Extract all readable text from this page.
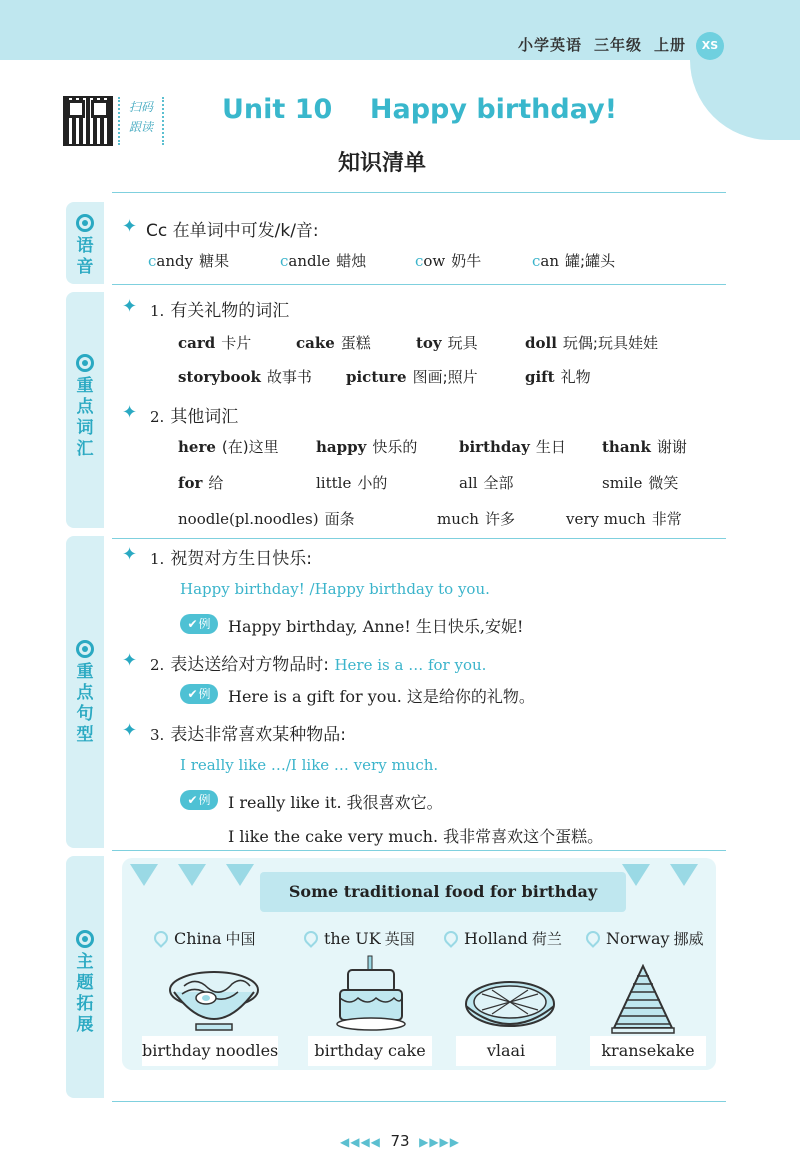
小学英语 三年级 上册	XS
扫码
跟读
Unit 10    Happy birthday!
知识清单
语
音
重
点
词
汇
重
点
句
型
主
题
拓
展
✦ Cc 在单词中可发/k/音:
candy 糖果	candle 蜡烛	cow 奶牛	can 罐;罐头
✦ 1. 有关礼物的词汇
card 卡片	cake 蛋糕	toy 玩具	doll 玩偶;玩具娃娃
storybook 故事书 picture 图画;照片	gift 礼物
✦ 2. 其他词汇
here (在)这里 happy 快乐的	birthday 生日 thank 谢谢
for 给	little 小的	all 全部	smile 微笑
noodle(pl.noodles) 面条	much 许多	very much 非常
✦ 1. 祝贺对方生日快乐:
Happy birthday! /Happy birthday to you.
✔ 例	Happy birthday, Anne! 生日快乐,安妮!
✦ 2. 表达送给对方物品时: Here is a … for you.
✔ 例	Here is a gift for you. 这是给你的礼物。
✦ 3. 表达非常喜欢某种物品:
I really like …/I like … very much.
✔ 例	I really like it. 我很喜欢它。
I like the cake very much. 我非常喜欢这个蛋糕。
Some traditional food for birthday
China 中国	the UK 英国	Holland 荷兰	Norway 挪威
birthday noodles	birthday cake	vlaai	kransekake
◀◀◀◀ 73 ▶▶▶▶
